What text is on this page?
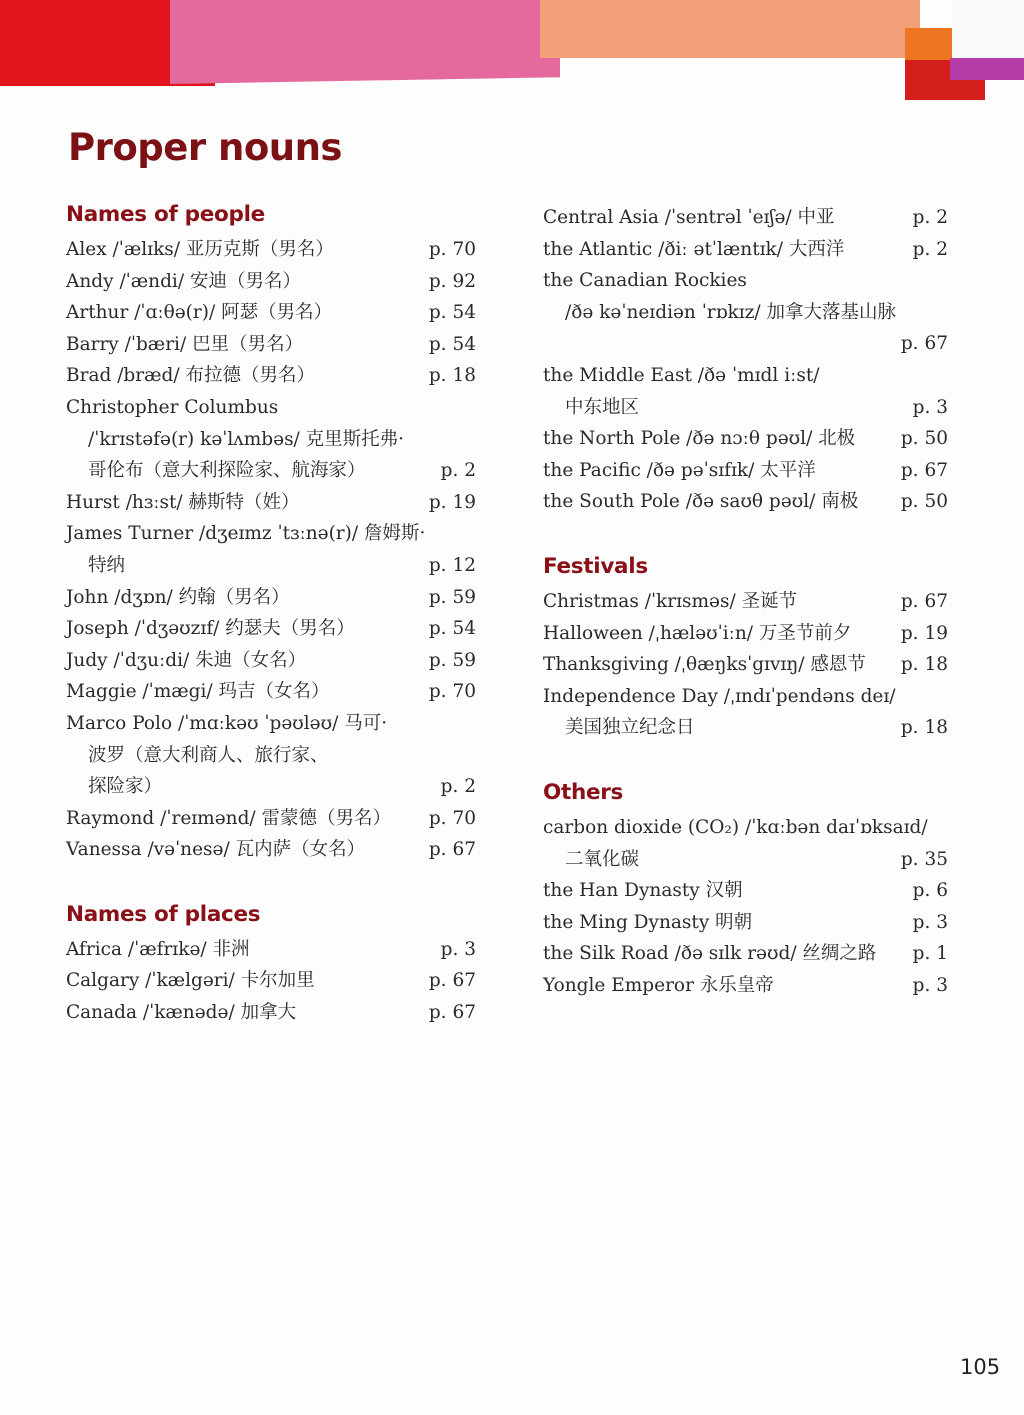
Proper nouns
Names of people
Alex /ˈælɪks/ 亚历克斯（男名）	p. 70
Andy /ˈændi/ 安迪（男名）	p. 92
Arthur /ˈɑːθə(r)/ 阿瑟（男名）	p. 54
Barry /ˈbæri/ 巴里（男名）	p. 54
Brad /bræd/ 布拉德（男名）	p. 18
Christopher Columbus
/ˈkrɪstəfə(r) kəˈlʌmbəs/ 克里斯托弗·
哥伦布（意大利探险家、航海家）	p. 2
Hurst /hɜːst/ 赫斯特（姓）	p. 19
James Turner /dʒeɪmz ˈtɜːnə(r)/ 詹姆斯·
特纳	p. 12
John /dʒɒn/ 约翰（男名）	p. 59
Joseph /ˈdʒəʊzɪf/ 约瑟夫（男名）	p. 54
Judy /ˈdʒuːdi/ 朱迪（女名）	p. 59
Maggie /ˈmægi/ 玛吉（女名）	p. 70
Marco Polo /ˈmɑːkəʊ ˈpəʊləʊ/ 马可·
波罗（意大利商人、旅行家、
探险家）	p. 2
Raymond /ˈreɪmənd/ 雷蒙德（男名） p. 70
Vanessa /vəˈnesə/ 瓦内萨（女名）	p. 67
Names of places
Africa /ˈæfrɪkə/ 非洲	p. 3
Calgary /ˈkælgəri/ 卡尔加里	p. 67
Canada /ˈkænədə/ 加拿大	p. 67
Central Asia /ˈsentrəl ˈeɪʃə/ 中亚	p. 2
the Atlantic /ðiː ətˈlæntɪk/ 大西洋	p. 2
the Canadian Rockies
/ðə kəˈneɪdiən ˈrɒkɪz/ 加拿大落基山脉
p. 67
the Middle East /ðə ˈmɪdl iːst/
中东地区	p. 3
the North Pole /ðə nɔːθ pəʊl/ 北极 p. 50
the Pacific /ðə pəˈsɪfɪk/ 太平洋	p. 67
the South Pole /ðə saʊθ pəʊl/ 南极 p. 50
Festivals
Christmas /ˈkrɪsməs/ 圣诞节	p. 67
Halloween /ˌhæləʊˈiːn/ 万圣节前夕	p. 19
Thanksgiving /ˌθæŋksˈgɪvɪŋ/ 感恩节 p. 18
Independence Day /ˌɪndɪˈpendəns deɪ/
美国独立纪念日	p. 18
Others
carbon dioxide (CO₂) /ˈkɑːbən daɪˈɒksaɪd/
二氧化碳	p. 35
the Han Dynasty 汉朝	p. 6
the Ming Dynasty 明朝	p. 3
the Silk Road /ðə sɪlk rəʊd/ 丝绸之路 p. 1
Yongle Emperor 永乐皇帝	p. 3
105
